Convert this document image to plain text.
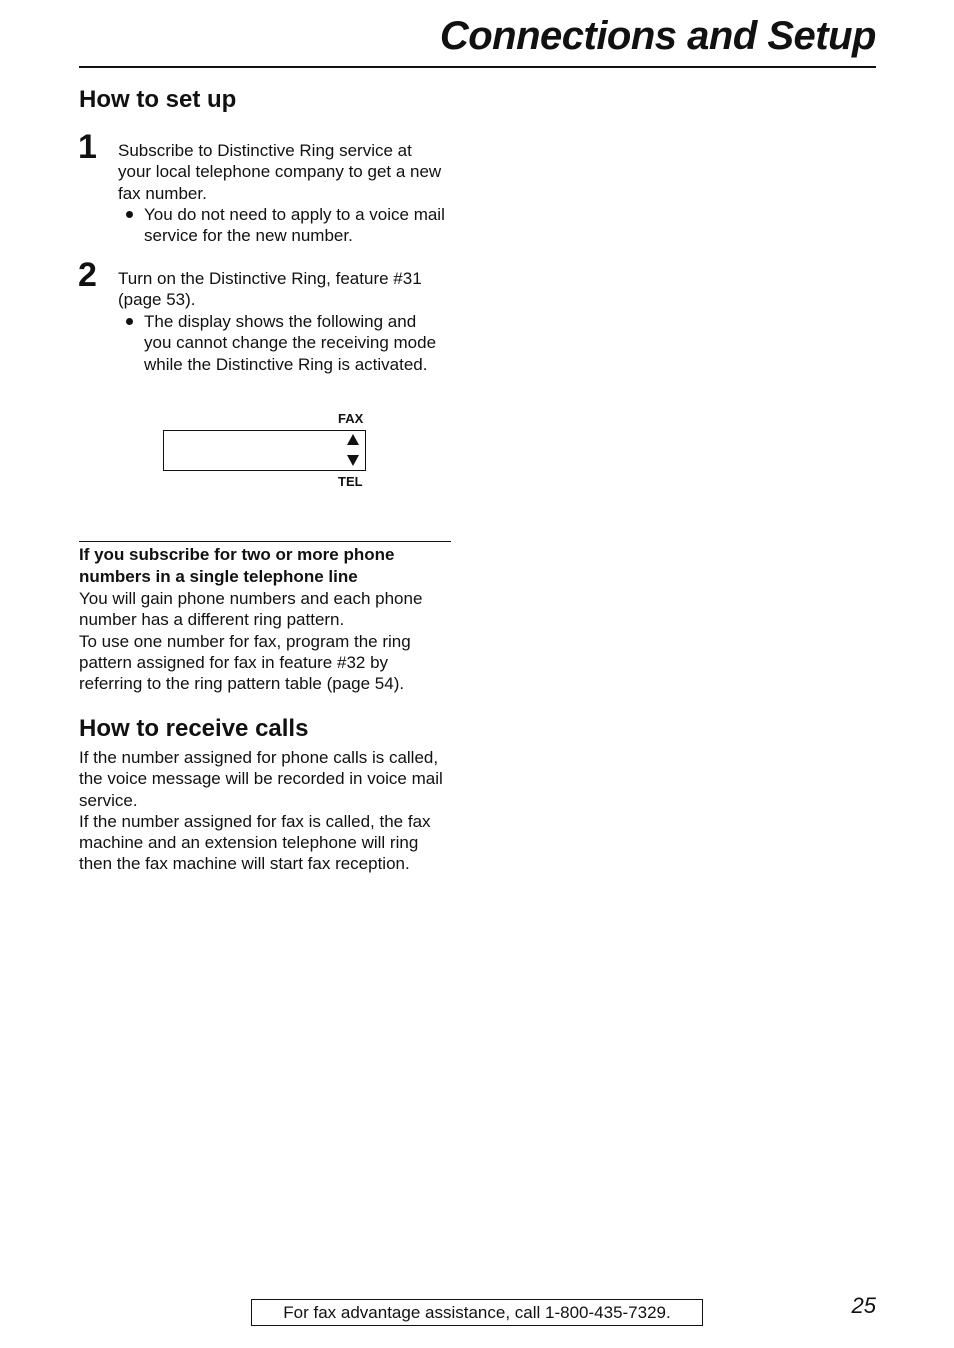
Connections and Setup
How to set up
1 Subscribe to Distinctive Ring service at
your local telephone company to get a new
fax number.
You do not need to apply to a voice mail
service for the new number.
2 Turn on the Distinctive Ring, feature #31
(page 53).
The display shows the following and
you cannot change the receiving mode
while the Distinctive Ring is activated.
FAX
TEL
If you subscribe for two or more phone
numbers in a single telephone line
You will gain phone numbers and each phone
number has a different ring pattern.
To use one number for fax, program the ring
pattern assigned for fax in feature #32 by
referring to the ring pattern table (page 54).
How to receive calls
If the number assigned for phone calls is called,
the voice message will be recorded in voice mail
service.
If the number assigned for fax is called, the fax
machine and an extension telephone will ring
then the fax machine will start fax reception.
For fax advantage assistance, call 1-800-435-7329.	25
